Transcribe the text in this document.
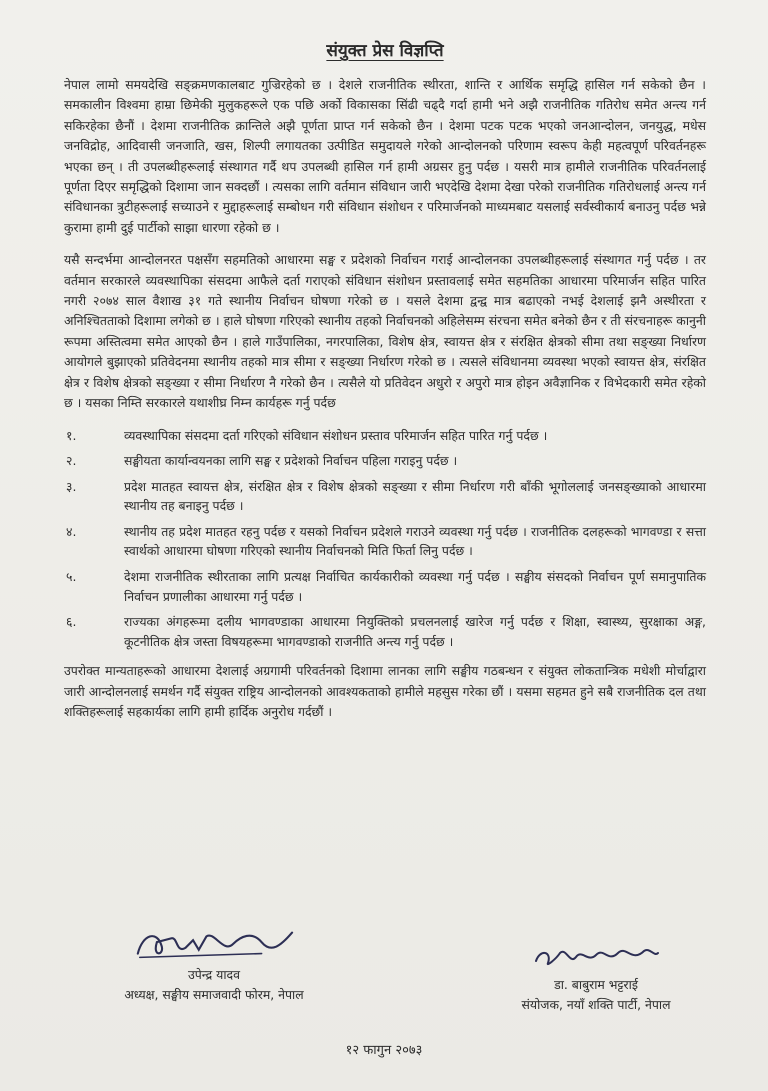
संयुक्त प्रेस विज्ञप्ति

नेपाल लामो समयदेखि सङ्क्रमणकालबाट गुज्रिरहेको छ । देशले राजनीतिक स्थीरता, शान्ति र आर्थिक समृद्धि हासिल गर्न सकेको छैन । समकालीन विश्वमा हाम्रा छिमेकी मुलुकहरूले एक पछि अर्को विकासका सिंढी चढ्दै गर्दा हामी भने अझै राजनीतिक गतिरोध समेत अन्त्य गर्न सकिरहेका छैनौं । देशमा राजनीतिक क्रान्तिले अझै पूर्णता प्राप्त गर्न सकेको छैन । देशमा पटक पटक भएको जनआन्दोलन, जनयुद्ध, मधेस जनविद्रोह, आदिवासी जनजाति, खस, शिल्पी लगायतका उत्पीडित समुदायले गरेको आन्दोलनको परिणाम स्वरूप केही महत्वपूर्ण परिवर्तनहरू भएका छन् । ती उपलब्धीहरूलाई संस्थागत गर्दै थप उपलब्धी हासिल गर्न हामी अग्रसर हुनु पर्दछ । यसरी मात्र हामीले राजनीतिक परिवर्तनलाई पूर्णता दिएर समृद्धिको दिशामा जान सक्दछौं । त्यसका लागि वर्तमान संविधान जारी भएदेखि देशमा देखा परेको राजनीतिक गतिरोधलाई अन्त्य गर्न संविधानका त्रुटीहरूलाई सच्याउने र मुद्दाहरूलाई सम्बोधन गरी संविधान संशोधन र परिमार्जनको माध्यमबाट यसलाई सर्वस्वीकार्य बनाउनु पर्दछ भन्ने कुरामा हामी दुई पार्टीको साझा धारणा रहेको छ ।

यसै सन्दर्भमा आन्दोलनरत पक्षसँग सहमतिको आधारमा सङ्घ र प्रदेशको निर्वाचन गराई आन्दोलनका उपलब्धीहरूलाई संस्थागत गर्नु पर्दछ । तर वर्तमान सरकारले व्यवस्थापिका संसदमा आफैले दर्ता गराएको संविधान संशोधन प्रस्तावलाई समेत सहमतिका आधारमा परिमार्जन सहित पारित नगरी २०७४ साल वैशाख ३१ गते स्थानीय निर्वाचन घोषणा गरेको छ । यसले देशमा द्वन्द्व मात्र बढाएको नभई देशलाई झनै अस्थीरता र अनिश्चितताको दिशामा लगेको छ । हाले घोषणा गरिएको स्थानीय तहको निर्वाचनको अहिलेसम्म संरचना समेत बनेको छैन र ती संरचनाहरू कानुनी रूपमा अस्तित्वमा समेत आएको छैन । हाले गाउँपालिका, नगरपालिका, विशेष क्षेत्र, स्वायत्त क्षेत्र र संरक्षित क्षेत्रको सीमा तथा सङ्ख्या निर्धारण आयोगले बुझाएको प्रतिवेदनमा स्थानीय तहको मात्र सीमा र सङ्ख्या निर्धारण गरेको छ । त्यसले संविधानमा व्यवस्था भएको स्वायत्त क्षेत्र, संरक्षित क्षेत्र र विशेष क्षेत्रको सङ्ख्या र सीमा निर्धारण नै गरेको छैन । त्यसैले यो प्रतिवेदन अधुरो र अपुरो मात्र होइन अवैज्ञानिक र विभेदकारी समेत रहेको छ । यसका निम्ति सरकारले यथाशीघ्र निम्न कार्यहरू गर्नु पर्दछ

१.	व्यवस्थापिका संसदमा दर्ता गरिएको संविधान संशोधन प्रस्ताव परिमार्जन सहित पारित गर्नु पर्दछ ।
२.	सङ्घीयता कार्यान्वयनका लागि सङ्घ र प्रदेशको निर्वाचन पहिला गराइनु पर्दछ ।
३.	प्रदेश मातहत स्वायत्त क्षेत्र, संरक्षित क्षेत्र र विशेष क्षेत्रको सङ्ख्या र सीमा निर्धारण गरी बाँकी भूगोललाई जनसङ्ख्याको आधारमा स्थानीय तह बनाइनु पर्दछ ।
४.	स्थानीय तह प्रदेश मातहत रहनु पर्दछ र यसको निर्वाचन प्रदेशले गराउने व्यवस्था गर्नु पर्दछ । राजनीतिक दलहरूको भागवण्डा र सत्ता स्वार्थको आधारमा घोषणा गरिएको स्थानीय निर्वाचनको मिति फिर्ता लिनु पर्दछ ।
५.	देशमा राजनीतिक स्थीरताका लागि प्रत्यक्ष निर्वाचित कार्यकारीको व्यवस्था गर्नु पर्दछ । सङ्घीय संसदको निर्वाचन पूर्ण समानुपातिक निर्वाचन प्रणालीका आधारमा गर्नु पर्दछ ।
६.	राज्यका अंगहरूमा दलीय भागवण्डाका आधारमा नियुक्तिको प्रचलनलाई खारेज गर्नु पर्दछ र शिक्षा, स्वास्थ्य, सुरक्षाका अङ्ग, कूटनीतिक क्षेत्र जस्ता विषयहरूमा भागवण्डाको राजनीति अन्त्य गर्नु पर्दछ ।

उपरोक्त मान्यताहरूको आधारमा देशलाई अग्रगामी परिवर्तनको दिशामा लानका लागि सङ्घीय गठबन्धन र संयुक्त लोकतान्त्रिक मधेशी मोर्चाद्वारा जारी आन्दोलनलाई समर्थन गर्दै संयुक्त राष्ट्रिय आन्दोलनको आवश्यकताको हामीले महसुस गरेका छौं । यसमा सहमत हुने सबै राजनीतिक दल तथा शक्तिहरूलाई सहकार्यका लागि हामी हार्दिक अनुरोध गर्दछौं ।

उपेन्द्र यादव
अध्यक्ष, सङ्घीय समाजवादी फोरम, नेपाल
डा. बाबुराम भट्टराई
संयोजक, नयाँ शक्ति पार्टी, नेपाल
१२ फागुन २०७३
